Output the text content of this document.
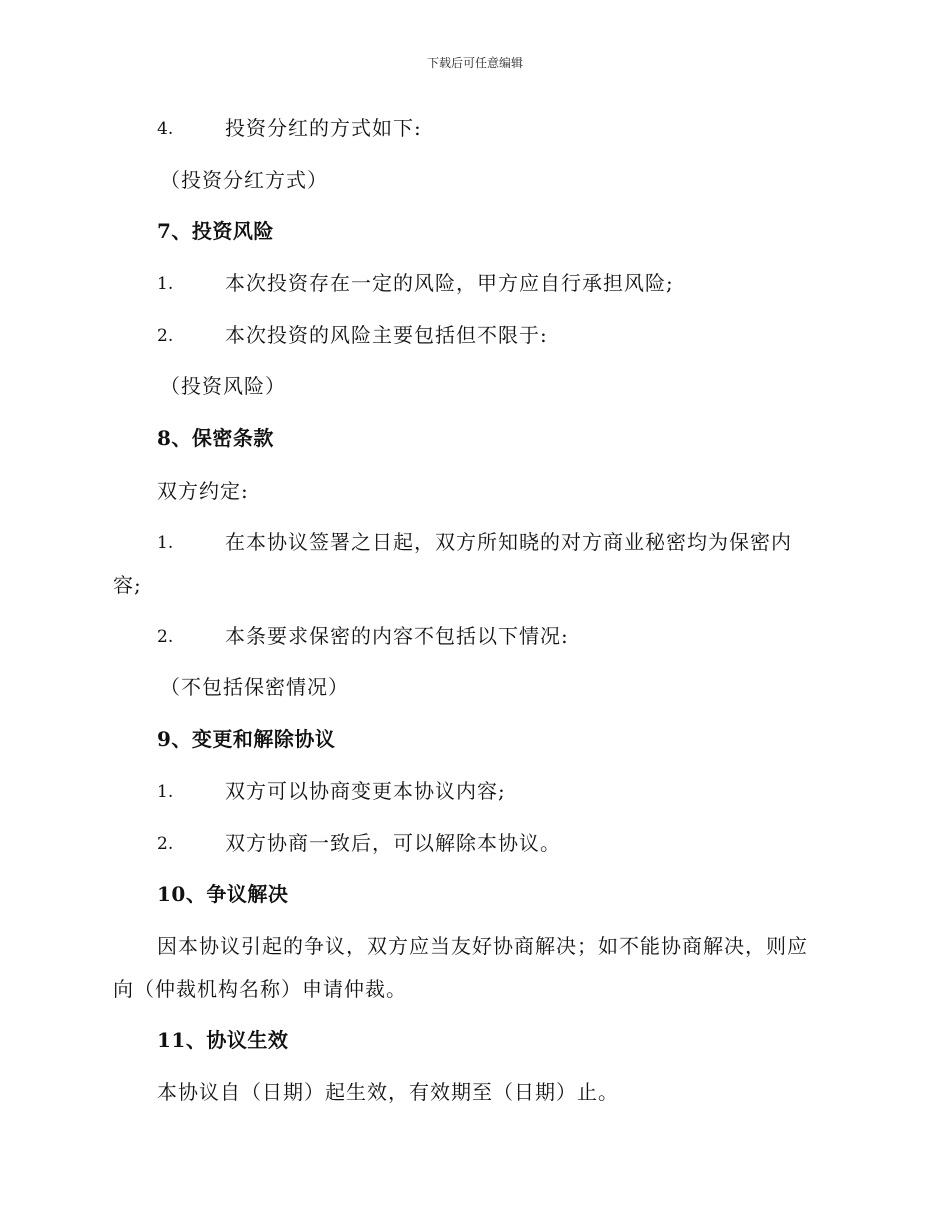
下载后可任意编辑
4.	投资分红的方式如下:
（投资分红方式）
7、投资风险
1.	本次投资存在一定的风险，甲方应自行承担风险;
2.	本次投资的风险主要包括但不限于:
（投资风险）
8、保密条款
双方约定:
1.	在本协议签署之日起，双方所知晓的对方商业秘密均为保密内
容;
2.	本条要求保密的内容不包括以下情况:
（不包括保密情况）
9、变更和解除协议
1.	双方可以协商变更本协议内容;
2.	双方协商一致后，可以解除本协议。
10、争议解决
因本协议引起的争议，双方应当友好协商解决；如不能协商解决，则应
向（仲裁机构名称）申请仲裁。
11、协议生效
本协议自（日期）起生效，有效期至（日期）止。
